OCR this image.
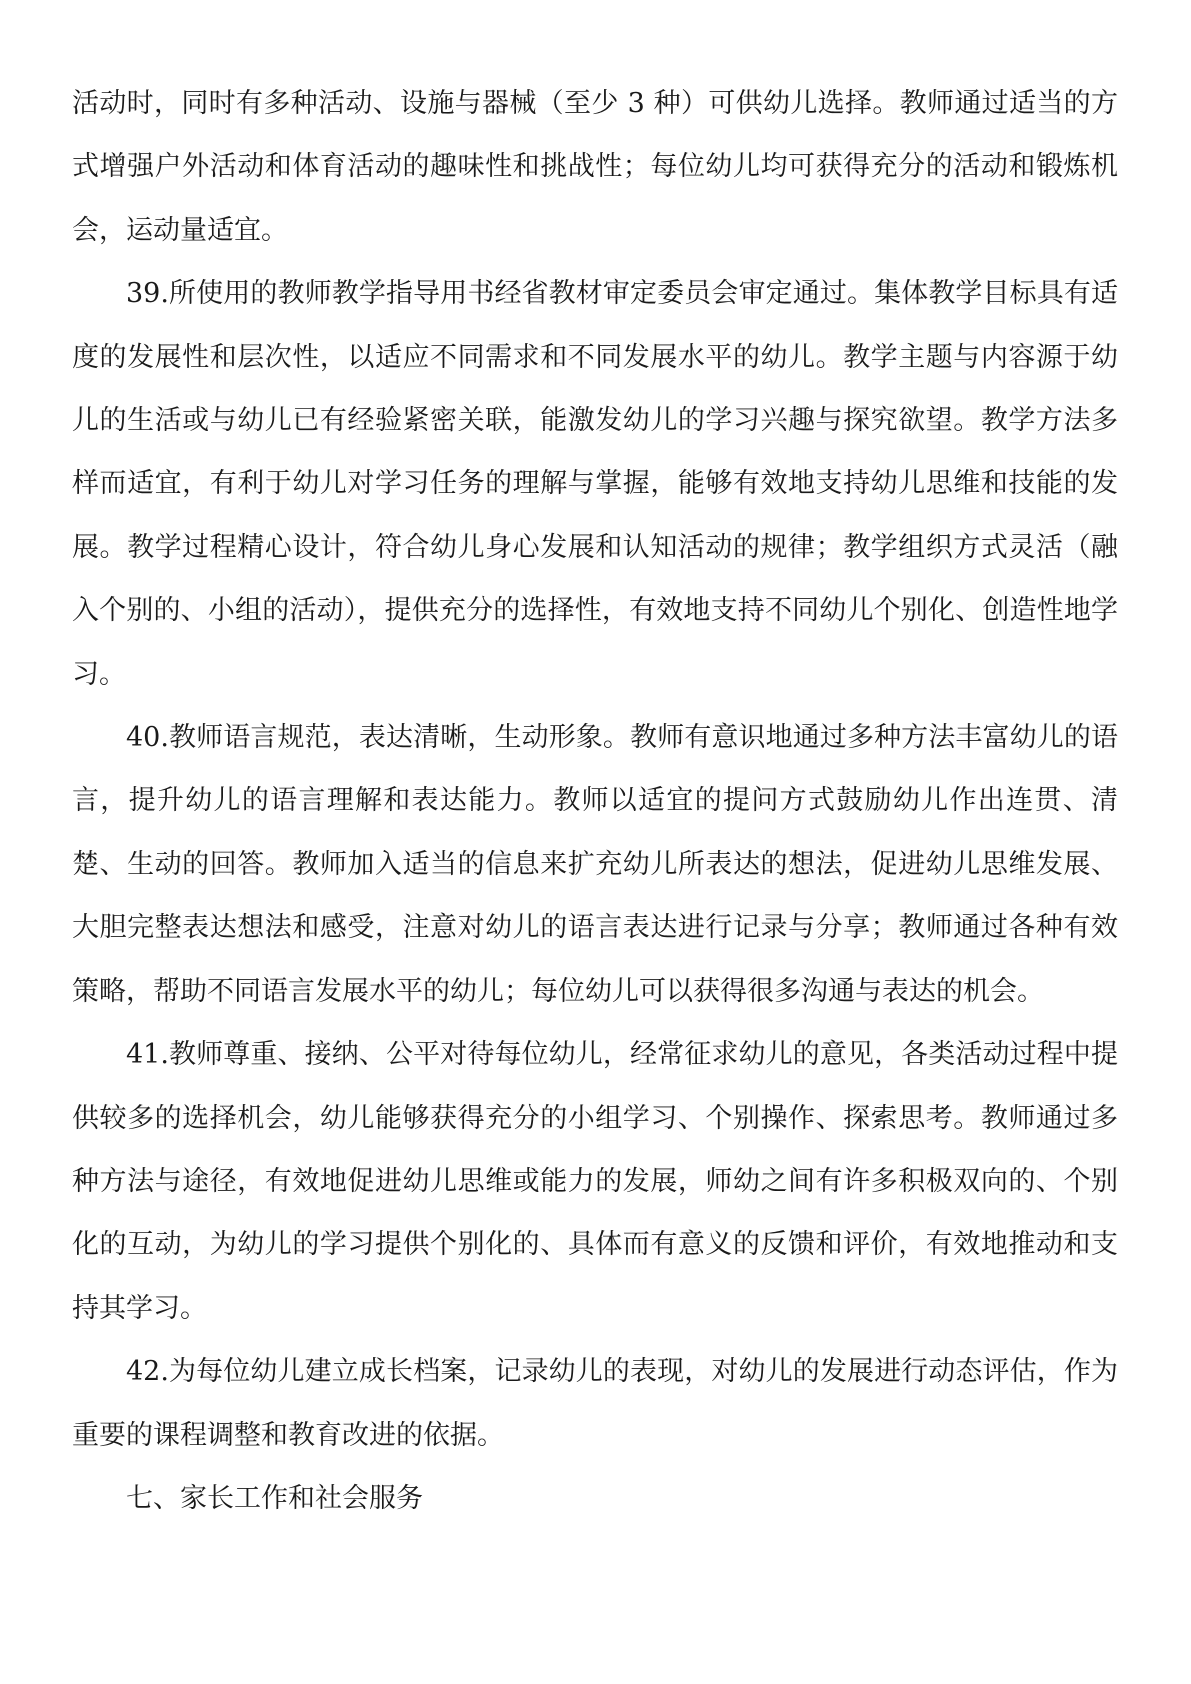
活动时，同时有多种活动、设施与器械（至少 3 种）可供幼儿选择。教师通过适当的方式增强户外活动和体育活动的趣味性和挑战性；每位幼儿均可获得充分的活动和锻炼机会，运动量适宜。

39.所使用的教师教学指导用书经省教材审定委员会审定通过。集体教学目标具有适度的发展性和层次性，以适应不同需求和不同发展水平的幼儿。教学主题与内容源于幼儿的生活或与幼儿已有经验紧密关联，能激发幼儿的学习兴趣与探究欲望。教学方法多样而适宜，有利于幼儿对学习任务的理解与掌握，能够有效地支持幼儿思维和技能的发展。教学过程精心设计，符合幼儿身心发展和认知活动的规律；教学组织方式灵活（融入个别的、小组的活动），提供充分的选择性，有效地支持不同幼儿个别化、创造性地学习。

40.教师语言规范，表达清晰，生动形象。教师有意识地通过多种方法丰富幼儿的语言，提升幼儿的语言理解和表达能力。教师以适宜的提问方式鼓励幼儿作出连贯、清楚、生动的回答。教师加入适当的信息来扩充幼儿所表达的想法，促进幼儿思维发展、大胆完整表达想法和感受，注意对幼儿的语言表达进行记录与分享；教师通过各种有效策略，帮助不同语言发展水平的幼儿；每位幼儿可以获得很多沟通与表达的机会。

41.教师尊重、接纳、公平对待每位幼儿，经常征求幼儿的意见，各类活动过程中提供较多的选择机会，幼儿能够获得充分的小组学习、个别操作、探索思考。教师通过多种方法与途径，有效地促进幼儿思维或能力的发展，师幼之间有许多积极双向的、个别化的互动，为幼儿的学习提供个别化的、具体而有意义的反馈和评价，有效地推动和支持其学习。

42.为每位幼儿建立成长档案，记录幼儿的表现，对幼儿的发展进行动态评估，作为重要的课程调整和教育改进的依据。

七、家长工作和社会服务
